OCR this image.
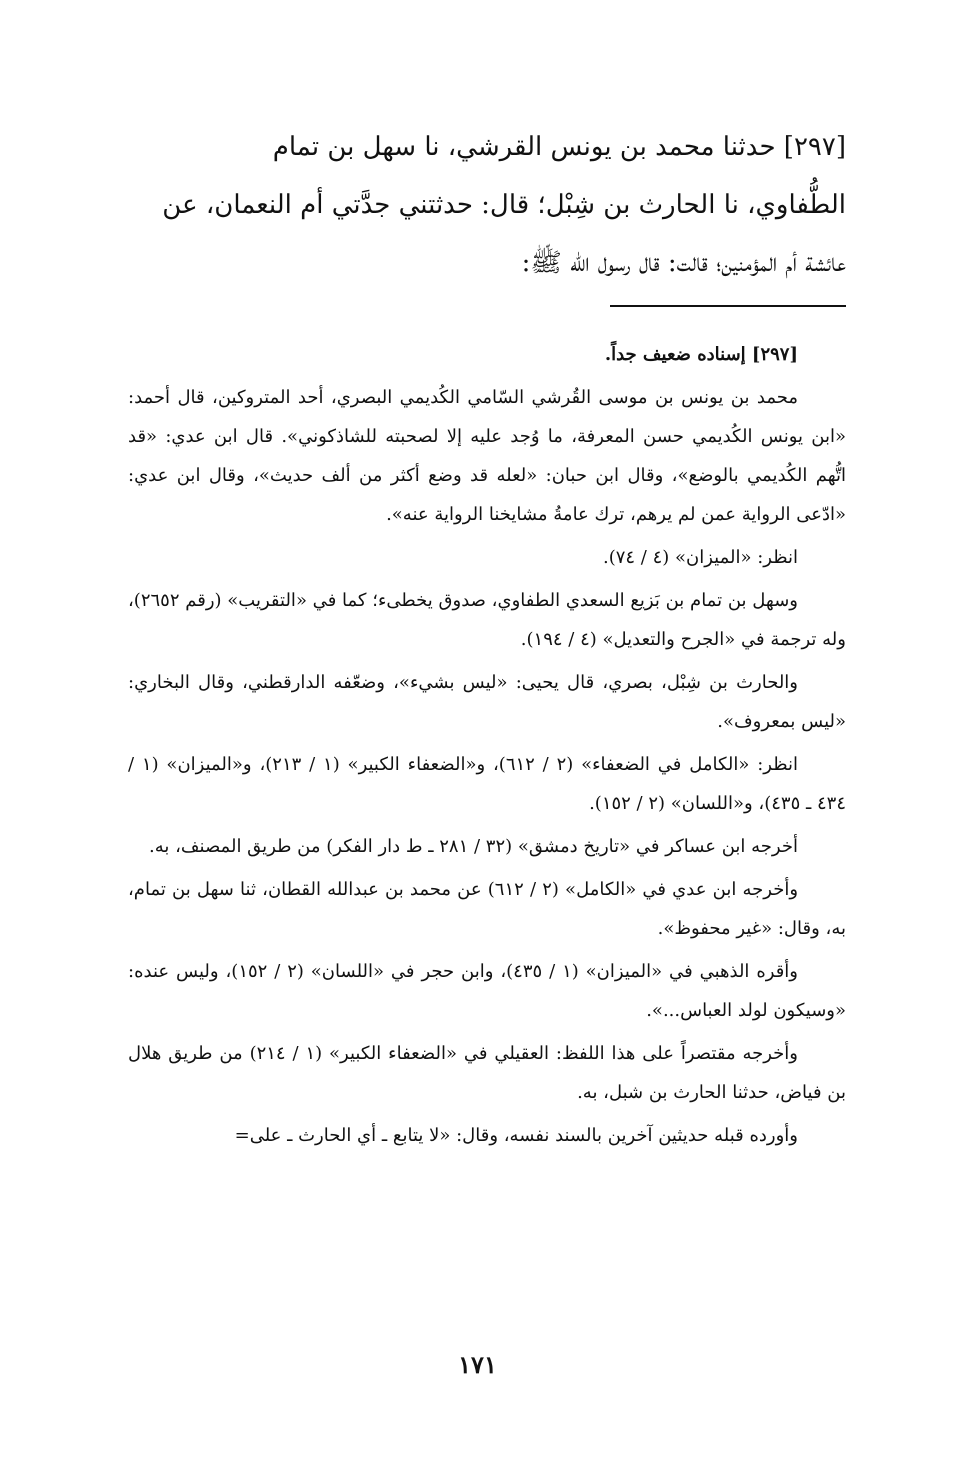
[٢٩٧] حدثنا محمد بن يونس القرشي، نا سهل بن تمام

الطُّفاوي، نا الحارث بن شِبْل؛ قال: حدثتني جدَّتي أم النعمان، عن

عائشة أم المؤمنين؛ قالت: قال رسول الله ﷺ:

[٢٩٧] إسناده ضعيف جداً.

محمد بن يونس بن موسى القُرشي السّامي الكُديمي البصري، أحد المتروكين، قال أحمد: «ابن يونس الكُديمي حسن المعرفة، ما وُجد عليه إلا لصحبته للشاذكوني». قال ابن عدي: «قد اتُّهم الكُديمي بالوضع»، وقال ابن حبان: «لعله قد وضع أكثر من ألف حديث»، وقال ابن عدي: «ادّعى الرواية عمن لم يرهم، ترك عامةُ مشايخنا الرواية عنه».

انظر: «الميزان» (٤ / ٧٤).

وسهل بن تمام بن بَزيع السعدي الطفاوي، صدوق يخطىء؛ كما في «التقريب» (رقم ٢٦٥٢)، وله ترجمة في «الجرح والتعديل» (٤ / ١٩٤).

والحارث بن شِبْل، بصري، قال يحيى: «ليس بشيء»، وضعّفه الدارقطني، وقال البخاري: «ليس بمعروف».

انظر: «الكامل في الضعفاء» (٢ / ٦١٢)، و«الضعفاء الكبير» (١ / ٢١٣)، و«الميزان» (١ / ٤٣٤ ـ ٤٣٥)، و«اللسان» (٢ / ١٥٢).

أخرجه ابن عساكر في «تاريخ دمشق» (٣٢ / ٢٨١ ـ ط دار الفكر) من طريق المصنف، به.

وأخرجه ابن عدي في «الكامل» (٢ / ٦١٢) عن محمد بن عبدالله القطان، ثنا سهل بن تمام، به، وقال: «غير محفوظ».

وأقره الذهبي في «الميزان» (١ / ٤٣٥)، وابن حجر في «اللسان» (٢ / ١٥٢)، وليس عنده: «وسيكون لولد العباس...».

وأخرجه مقتصراً على هذا اللفظ: العقيلي في «الضعفاء الكبير» (١ / ٢١٤) من طريق هلال بن فياض، حدثنا الحارث بن شبل، به.

وأورده قبله حديثين آخرين بالسند نفسه، وقال: «لا يتابع ـ أي الحارث ـ على=

١٧١
